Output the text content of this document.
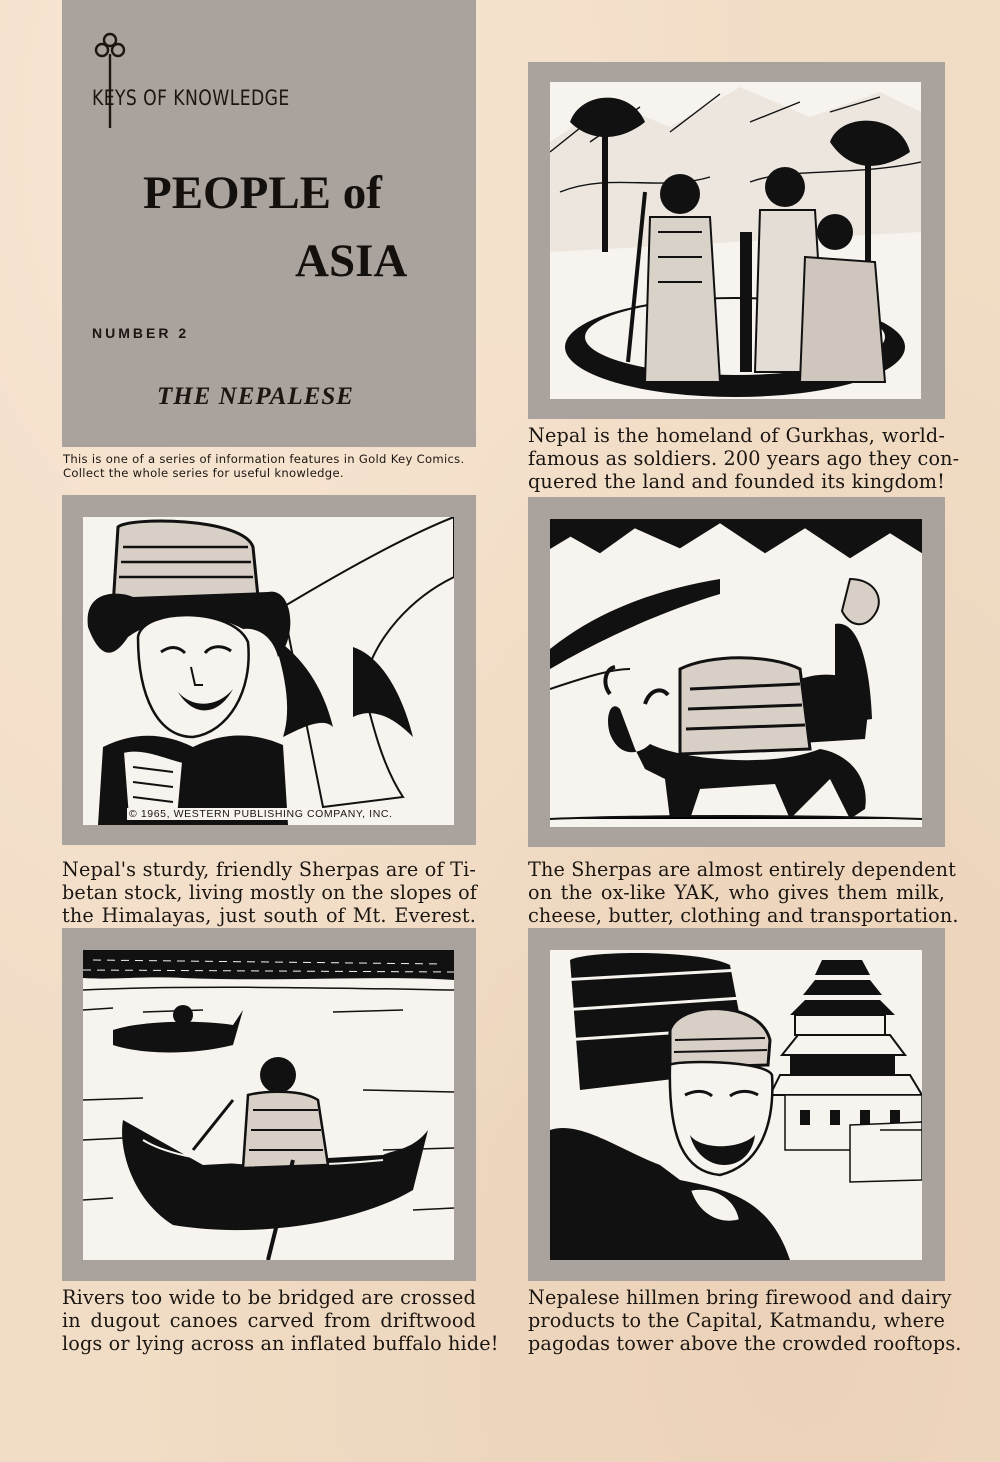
KEYS OF KNOWLEDGE
PEOPLE of
ASIA
NUMBER 2
THE NEPALESE
This is one of a series of information features in Gold Key Comics. Collect the whole series for useful knowledge.
Nepal is the homeland of Gurkhas, world-
famous as soldiers. 200 years ago they con-
quered the land and founded its kingdom!
© 1965, WESTERN PUBLISHING COMPANY, INC.
Nepal's sturdy, friendly Sherpas are of Ti-
betan stock, living mostly on the slopes of
the Himalayas, just south of Mt. Everest.
The Sherpas are almost entirely dependent
on the ox-like YAK, who gives them milk,
cheese, butter, clothing and transportation.
Rivers too wide to be bridged are crossed
in dugout canoes carved from driftwood
logs or lying across an inflated buffalo hide!
Nepalese hillmen bring firewood and dairy
products to the Capital, Katmandu, where
pagodas tower above the crowded rooftops.
